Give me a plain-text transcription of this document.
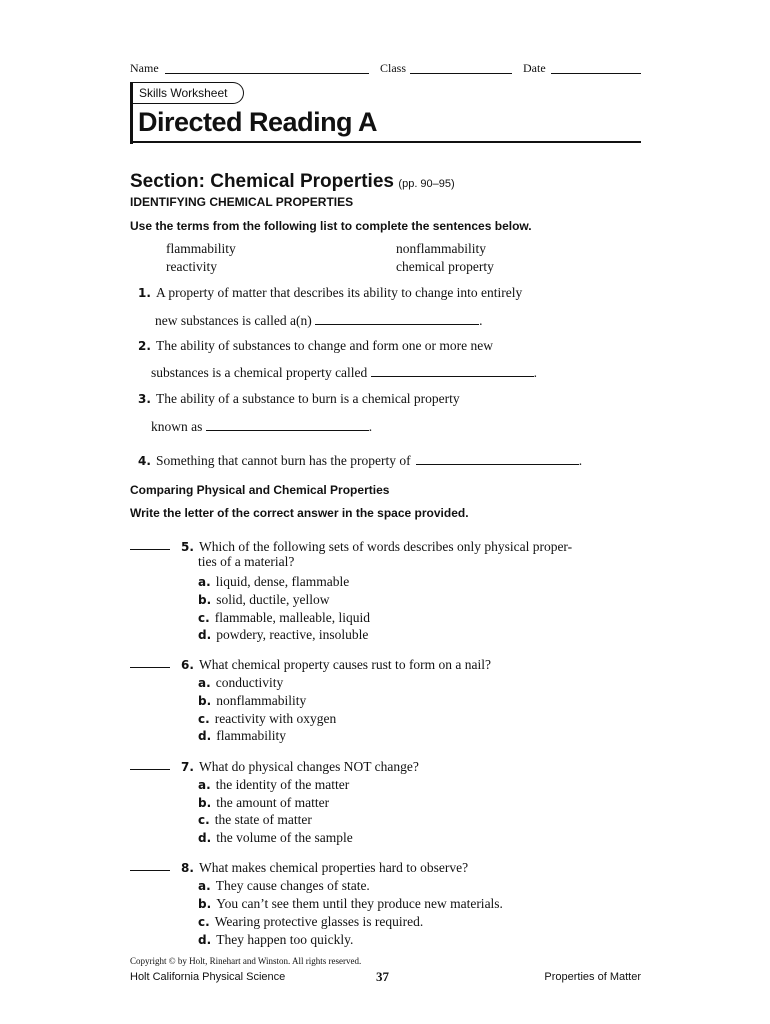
Name	Class	Date
Skills Worksheet
Directed Reading A
Section: Chemical Properties (pp. 90–95)
IDENTIFYING CHEMICAL PROPERTIES
Use the terms from the following list to complete the sentences below.
flammability	nonflammability
reactivity	chemical property
1. A property of matter that describes its ability to change into entirely
new substances is called a(n)	.
2. The ability of substances to change and form one or more new
substances is a chemical property called	.
3. The ability of a substance to burn is a chemical property
known as	.
4. Something that cannot burn has the property of	.
Comparing Physical and Chemical Properties
Write the letter of the correct answer in the space provided.
5. Which of the following sets of words describes only physical proper-
ties of a material?
a. liquid, dense, flammable
b. solid, ductile, yellow
c. flammable, malleable, liquid
d. powdery, reactive, insoluble
6. What chemical property causes rust to form on a nail?
a. conductivity
b. nonflammability
c. reactivity with oxygen
d. flammability
7. What do physical changes NOT change?
a. the identity of the matter
b. the amount of matter
c. the state of matter
d. the volume of the sample
8. What makes chemical properties hard to observe?
a. They cause changes of state.
b. You can’t see them until they produce new materials.
c. Wearing protective glasses is required.
d. They happen too quickly.
Copyright © by Holt, Rinehart and Winston. All rights reserved.
Holt California Physical Science	37	Properties of Matter
